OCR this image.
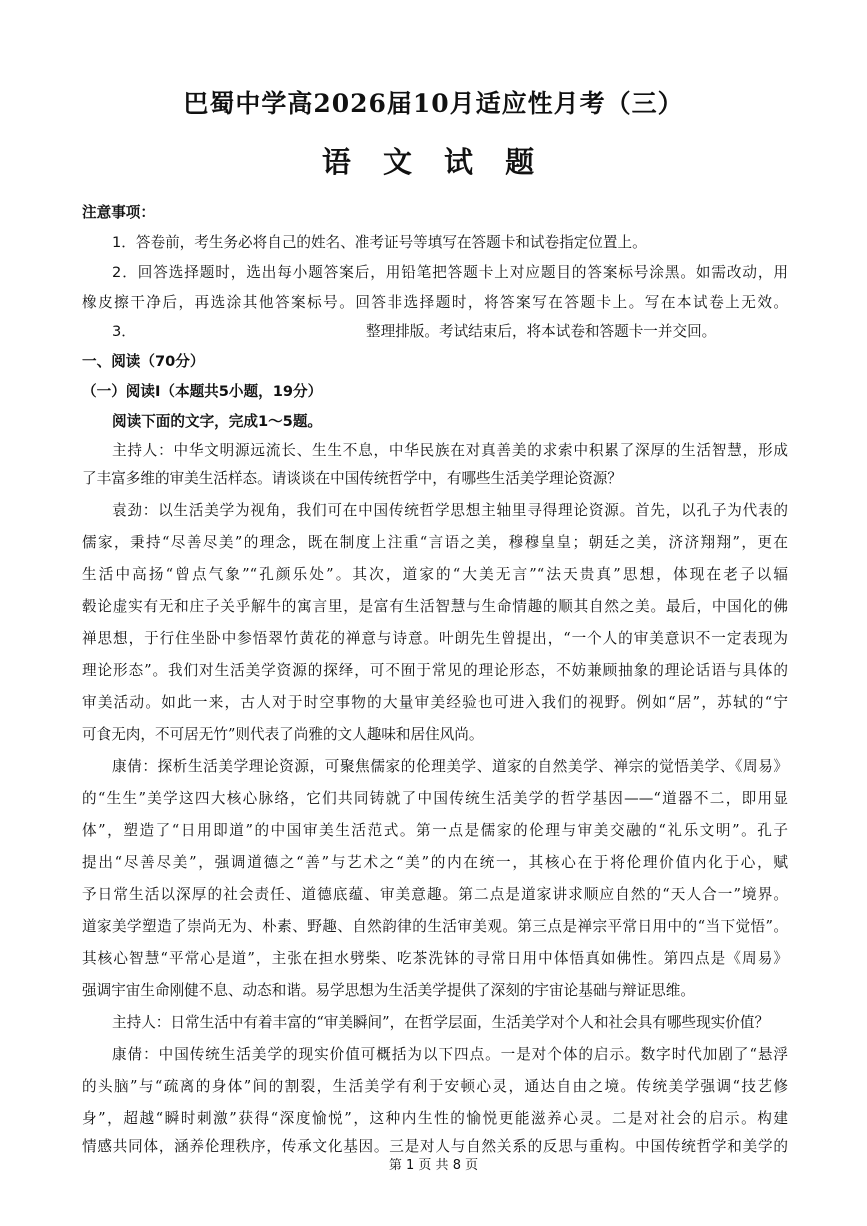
巴蜀中学高2026届10月适应性月考（三）
语 文 试 题

注意事项：

1．答卷前，考生务必将自己的姓名、准考证号等填写在答题卡和试卷指定位置上。

2．回答选择题时，选出每小题答案后，用铅笔把答题卡上对应题目的答案标号涂黑。如需改动，用

橡皮擦干净后，再选涂其他答案标号。回答非选择题时，将答案写在答题卡上。写在本试卷上无效。

3．	整理排版。考试结束后，将本试卷和答题卡一并交回。

一、阅读（70分）

（一）阅读Ⅰ（本题共5小题，19分）

阅读下面的文字，完成1～5题。

主持人：中华文明源远流长、生生不息，中华民族在对真善美的求索中积累了深厚的生活智慧，形成

了丰富多维的审美生活样态。请谈谈在中国传统哲学中，有哪些生活美学理论资源？

袁劲：以生活美学为视角，我们可在中国传统哲学思想主轴里寻得理论资源。首先，以孔子为代表的

儒家，秉持“尽善尽美”的理念，既在制度上注重“言语之美，穆穆皇皇；朝廷之美，济济翔翔”，更在

生活中高扬“曾点气象”“孔颜乐处”。其次，道家的“大美无言”“法天贵真”思想，体现在老子以辐

毂论虚实有无和庄子关乎解牛的寓言里，是富有生活智慧与生命情趣的顺其自然之美。最后，中国化的佛

禅思想，于行住坐卧中参悟翠竹黄花的禅意与诗意。叶朗先生曾提出，“一个人的审美意识不一定表现为

理论形态”。我们对生活美学资源的探绎，可不囿于常见的理论形态，不妨兼顾抽象的理论话语与具体的

审美活动。如此一来，古人对于时空事物的大量审美经验也可进入我们的视野。例如“居”，苏轼的“宁

可食无肉，不可居无竹”则代表了尚雅的文人趣味和居住风尚。

康倩：探析生活美学理论资源，可聚焦儒家的伦理美学、道家的自然美学、禅宗的觉悟美学、《周易》

的“生生”美学这四大核心脉络，它们共同铸就了中国传统生活美学的哲学基因——“道器不二，即用显

体”，塑造了“日用即道”的中国审美生活范式。第一点是儒家的伦理与审美交融的“礼乐文明”。孔子

提出“尽善尽美”，强调道德之“善”与艺术之“美”的内在统一，其核心在于将伦理价值内化于心，赋

予日常生活以深厚的社会责任、道德底蕴、审美意趣。第二点是道家讲求顺应自然的“天人合一”境界。

道家美学塑造了崇尚无为、朴素、野趣、自然韵律的生活审美观。第三点是禅宗平常日用中的“当下觉悟”。

其核心智慧“平常心是道”，主张在担水劈柴、吃茶洗钵的寻常日用中体悟真如佛性。第四点是《周易》

强调宇宙生命刚健不息、动态和谐。易学思想为生活美学提供了深刻的宇宙论基础与辩证思维。

主持人：日常生活中有着丰富的“审美瞬间”，在哲学层面，生活美学对个人和社会具有哪些现实价值？

康倩：中国传统生活美学的现实价值可概括为以下四点。一是对个体的启示。数字时代加剧了“悬浮

的头脑”与“疏离的身体”间的割裂，生活美学有利于安顿心灵，通达自由之境。传统美学强调“技艺修

身”，超越“瞬时刺激”获得“深度愉悦”，这种内生性的愉悦更能滋养心灵。二是对社会的启示。构建

情感共同体，涵养伦理秩序，传承文化基因。三是对人与自然关系的反思与重构。中国传统哲学和美学的

第 1 页 共 8 页
